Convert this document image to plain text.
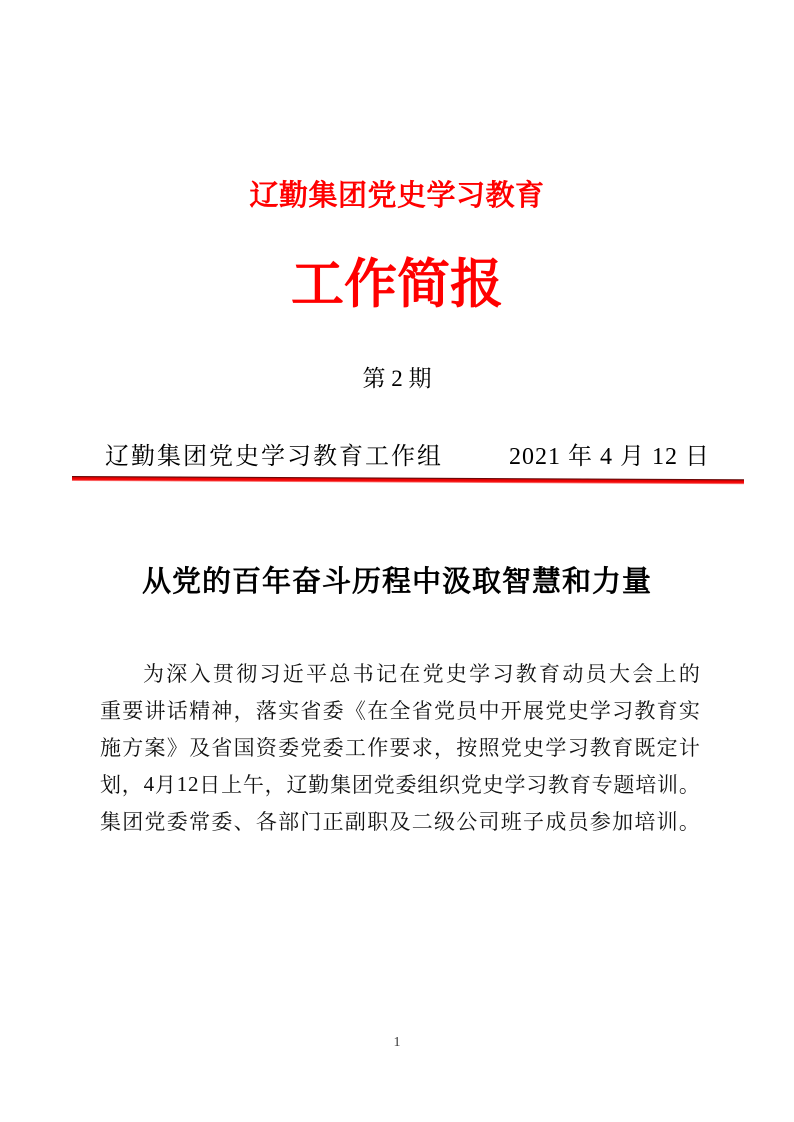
辽勤集团党史学习教育
工作简报
第 2 期
辽勤集团党史学习教育工作组	2021 年 4 月 12 日
从党的百年奋斗历程中汲取智慧和力量
为 深 入 贯 彻 习 近 平 总 书 记 在 党 史 学 习 教 育 动 员 大 会 上 的
重 要 讲 话 精 神 ， 落 实 省 委 《 在 全 省 党 员 中 开 展 党 史 学 习 教 育 实
施 方 案 》 及 省 国 资 委 党 委 工 作 要 求 ， 按 照 党 史 学 习 教 育 既 定 计
划 ， 4 月 1 2 日 上 午 ， 辽 勤 集 团 党 委 组 织 党 史 学 习 教 育 专 题 培 训 。
集 团 党 委 常 委 、 各 部 门 正 副 职 及 二 级 公 司 班 子 成 员 参 加 培 训 。
1
